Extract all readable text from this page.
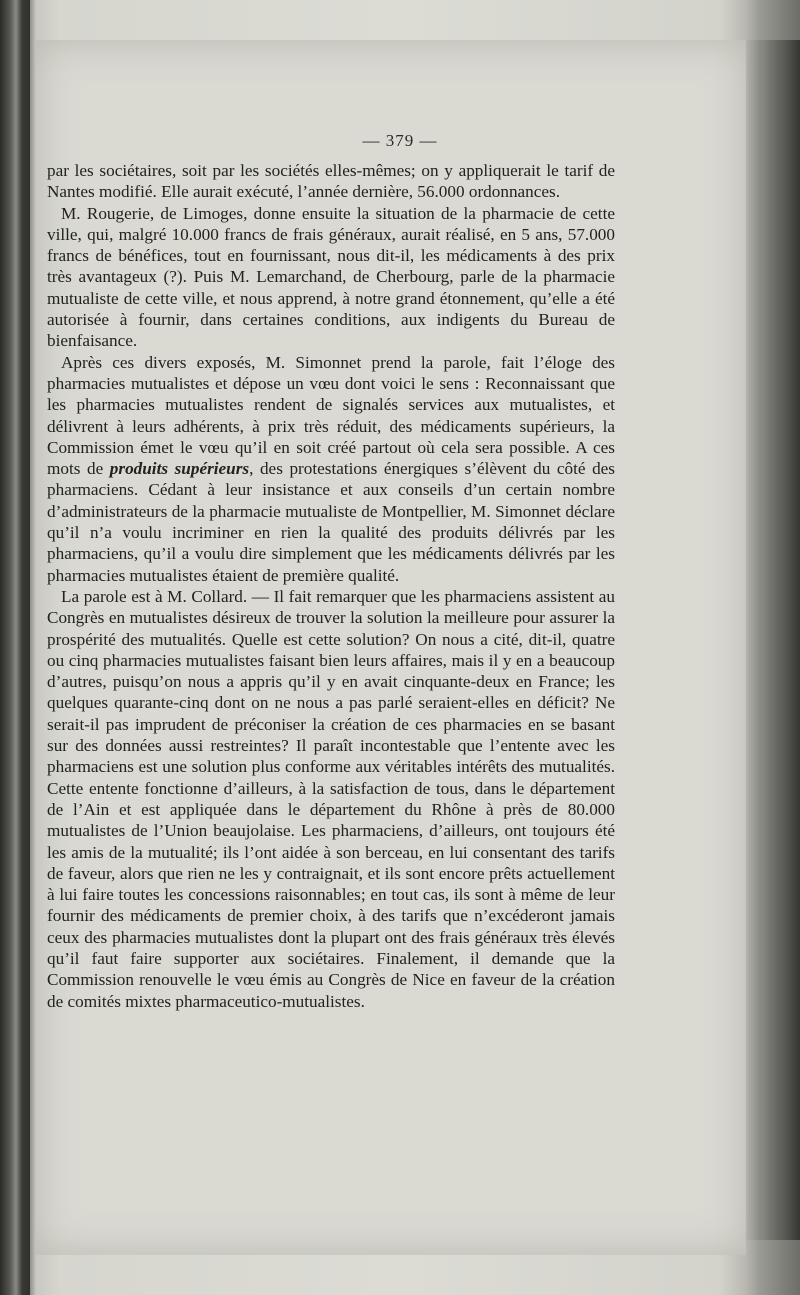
— 379 —

par les sociétaires, soit par les sociétés elles-mêmes; on y appliquerait le tarif de Nantes modifié. Elle aurait exécuté, l’année dernière, 56.000 ordonnances.

M. Rougerie, de Limoges, donne ensuite la situation de la pharmacie de cette ville, qui, malgré 10.000 francs de frais généraux, aurait réalisé, en 5 ans, 57.000 francs de bénéfices, tout en fournissant, nous dit-il, les médicaments à des prix très avantageux (?). Puis M. Lemarchand, de Cherbourg, parle de la pharmacie mutualiste de cette ville, et nous apprend, à notre grand étonnement, qu’elle a été autorisée à fournir, dans certaines conditions, aux indigents du Bureau de bienfaisance.

Après ces divers exposés, M. Simonnet prend la parole, fait l’éloge des pharmacies mutualistes et dépose un vœu dont voici le sens : Reconnaissant que les pharmacies mutualistes rendent de signalés services aux mutualistes, et délivrent à leurs adhérents, à prix très réduit, des médicaments supérieurs, la Commission émet le vœu qu’il en soit créé partout où cela sera possible. A ces mots de produits supérieurs, des protestations énergiques s’élèvent du côté des pharmaciens. Cédant à leur insistance et aux conseils d’un certain nombre d’administrateurs de la pharmacie mutualiste de Montpellier, M. Simonnet déclare qu’il n’a voulu incriminer en rien la qualité des produits délivrés par les pharmaciens, qu’il a voulu dire simplement que les médicaments délivrés par les pharmacies mutualistes étaient de première qualité.

La parole est à M. Collard. — Il fait remarquer que les pharmaciens assistent au Congrès en mutualistes désireux de trouver la solution la meilleure pour assurer la prospérité des mutualités. Quelle est cette solution? On nous a cité, dit-il, quatre ou cinq pharmacies mutualistes faisant bien leurs affaires, mais il y en a beaucoup d’autres, puisqu’on nous a appris qu’il y en avait cinquante-deux en France; les quelques quarante-cinq dont on ne nous a pas parlé seraient-elles en déficit? Ne serait-il pas imprudent de préconiser la création de ces pharmacies en se basant sur des données aussi restreintes? Il paraît incontestable que l’entente avec les pharmaciens est une solution plus conforme aux véritables intérêts des mutualités. Cette entente fonctionne d’ailleurs, à la satisfaction de tous, dans le département de l’Ain et est appliquée dans le département du Rhône à près de 80.000 mutualistes de l’Union beaujolaise. Les pharmaciens, d’ailleurs, ont toujours été les amis de la mutualité; ils l’ont aidée à son berceau, en lui consentant des tarifs de faveur, alors que rien ne les y contraignait, et ils sont encore prêts actuellement à lui faire toutes les concessions raisonnables; en tout cas, ils sont à même de leur fournir des médicaments de premier choix, à des tarifs que n’excéderont jamais ceux des pharmacies mutualistes dont la plupart ont des frais généraux très élevés qu’il faut faire supporter aux sociétaires. Finalement, il demande que la Commission renouvelle le vœu émis au Congrès de Nice en faveur de la création de comités mixtes pharmaceutico-mutualistes.
